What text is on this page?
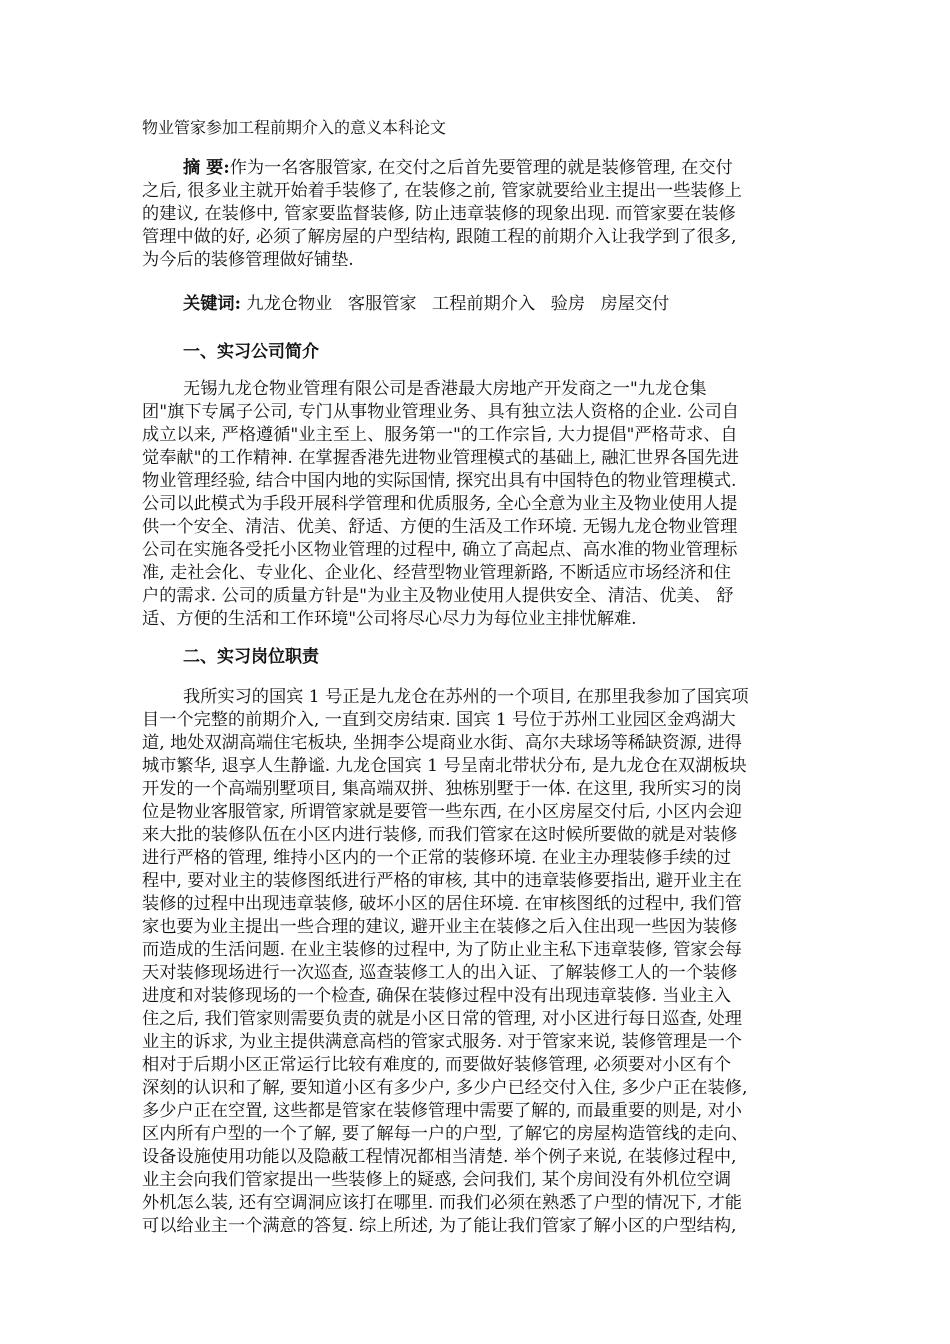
物业管家参加工程前期介入的意义本科论文
摘 要:作为一名客服管家, 在交付之后首先要管理的就是装修管理, 在交付
之后, 很多业主就开始着手装修了, 在装修之前, 管家就要给业主提出一些装修上
的建议, 在装修中, 管家要监督装修, 防止违章装修的现象出现. 而管家要在装修
管理中做的好, 必须了解房屋的户型结构, 跟随工程的前期介入让我学到了很多,
为今后的装修管理做好铺垫.
关键词: 九龙仓物业 客服管家 工程前期介入 验房 房屋交付
一、实习公司简介
无锡九龙仓物业管理有限公司是香港最大房地产开发商之一"九龙仓集
团"旗下专属子公司, 专门从事物业管理业务、具有独立法人资格的企业. 公司自
成立以来, 严格遵循"业主至上、服务第一"的工作宗旨, 大力提倡"严格苛求、自
觉奉献"的工作精神. 在掌握香港先进物业管理模式的基础上, 融汇世界各国先进
物业管理经验, 结合中国内地的实际国情, 探究出具有中国特色的物业管理模式.
公司以此模式为手段开展科学管理和优质服务, 全心全意为业主及物业使用人提
供一个安全、清洁、优美、舒适、方便的生活及工作环境. 无锡九龙仓物业管理
公司在实施各受托小区物业管理的过程中, 确立了高起点、高水准的物业管理标
准, 走社会化、专业化、企业化、经营型物业管理新路, 不断适应市场经济和住
户的需求. 公司的质量方针是"为业主及物业使用人提供安全、清洁、优美、 舒
适、方便的生活和工作环境"公司将尽心尽力为每位业主排忧解难.
二、实习岗位职责
我所实习的国宾 1 号正是九龙仓在苏州的一个项目, 在那里我参加了国宾项
目一个完整的前期介入, 一直到交房结束. 国宾 1 号位于苏州工业园区金鸡湖大
道, 地处双湖高端住宅板块, 坐拥李公堤商业水街、高尔夫球场等稀缺资源, 进得
城市繁华, 退享人生静谧. 九龙仓国宾 1 号呈南北带状分布, 是九龙仓在双湖板块
开发的一个高端别墅项目, 集高端双拼、独栋别墅于一体. 在这里, 我所实习的岗
位是物业客服管家, 所谓管家就是要管一些东西, 在小区房屋交付后, 小区内会迎
来大批的装修队伍在小区内进行装修, 而我们管家在这时候所要做的就是对装修
进行严格的管理, 维持小区内的一个正常的装修环境. 在业主办理装修手续的过
程中, 要对业主的装修图纸进行严格的审核, 其中的违章装修要指出, 避开业主在
装修的过程中出现违章装修, 破坏小区的居住环境. 在审核图纸的过程中, 我们管
家也要为业主提出一些合理的建议, 避开业主在装修之后入住出现一些因为装修
而造成的生活问题. 在业主装修的过程中, 为了防止业主私下违章装修, 管家会每
天对装修现场进行一次巡查, 巡查装修工人的出入证、了解装修工人的一个装修
进度和对装修现场的一个检查, 确保在装修过程中没有出现违章装修. 当业主入
住之后, 我们管家则需要负责的就是小区日常的管理, 对小区进行每日巡查, 处理
业主的诉求, 为业主提供满意高档的管家式服务. 对于管家来说, 装修管理是一个
相对于后期小区正常运行比较有难度的, 而要做好装修管理, 必须要对小区有个
深刻的认识和了解, 要知道小区有多少户, 多少户已经交付入住, 多少户正在装修,
多少户正在空置, 这些都是管家在装修管理中需要了解的, 而最重要的则是, 对小
区内所有户型的一个了解, 要了解每一户的户型, 了解它的房屋构造管线的走向、
设备设施使用功能以及隐蔽工程情况都相当清楚. 举个例子来说, 在装修过程中,
业主会向我们管家提出一些装修上的疑惑, 会问我们, 某个房间没有外机位空调
外机怎么装, 还有空调洞应该打在哪里. 而我们必须在熟悉了户型的情况下, 才能
可以给业主一个满意的答复. 综上所述, 为了能让我们管家了解小区的户型结构,
